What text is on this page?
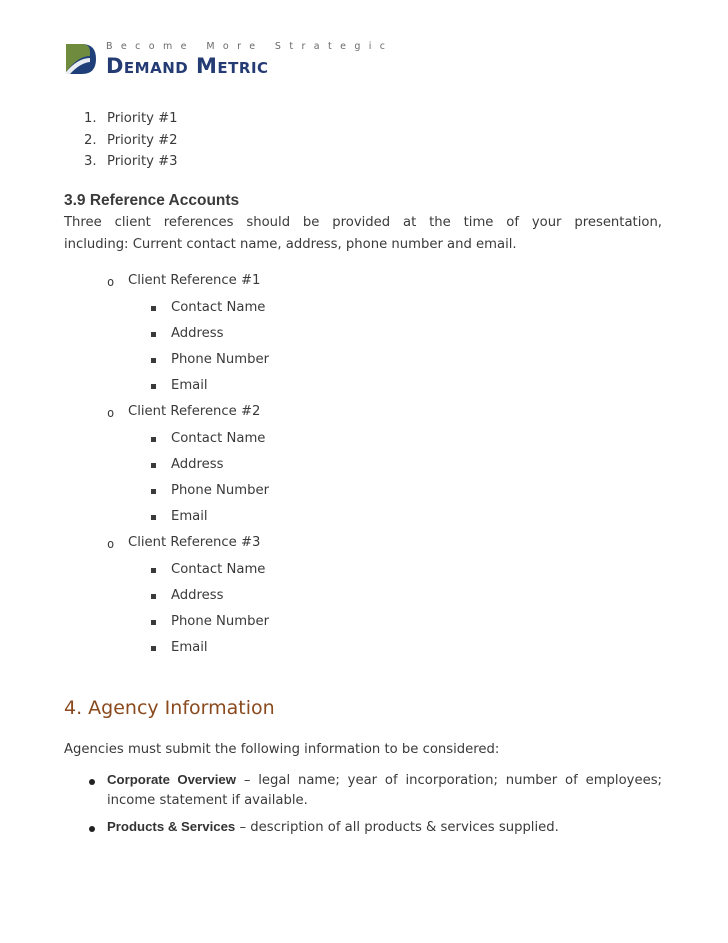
Become More Strategic
Demand Metric
1. Priority #1
2. Priority #2
3. Priority #3
3.9 Reference Accounts
Three client references should be provided at the time of your presentation,
including: Current contact name, address, phone number and email.
o Client Reference #1
Contact Name
Address
Phone Number
Email
o Client Reference #2
Contact Name
Address
Phone Number
Email
o Client Reference #3
Contact Name
Address
Phone Number
Email
4. Agency Information
Agencies must submit the following information to be considered:
Corporate Overview – legal name; year of incorporation; number of employees;
income statement if available.
Products & Services – description of all products & services supplied.
